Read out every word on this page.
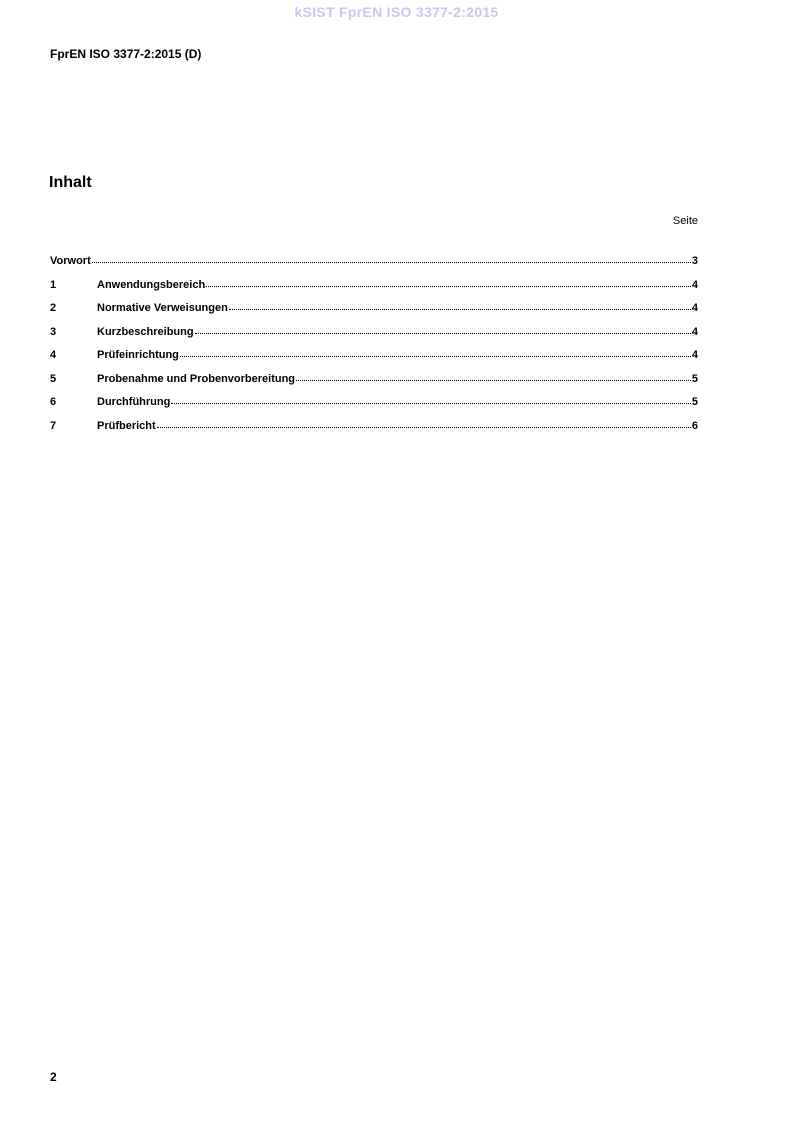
kSIST FprEN ISO 3377-2:2015
FprEN ISO 3377-2:2015 (D)
Inhalt
Seite
Vorwort	3
1	Anwendungsbereich	4
2	Normative Verweisungen	4
3	Kurzbeschreibung	4
4	Prüfeinrichtung	4
5	Probenahme und Probenvorbereitung	5
6	Durchführung	5
7	Prüfbericht	6
2
